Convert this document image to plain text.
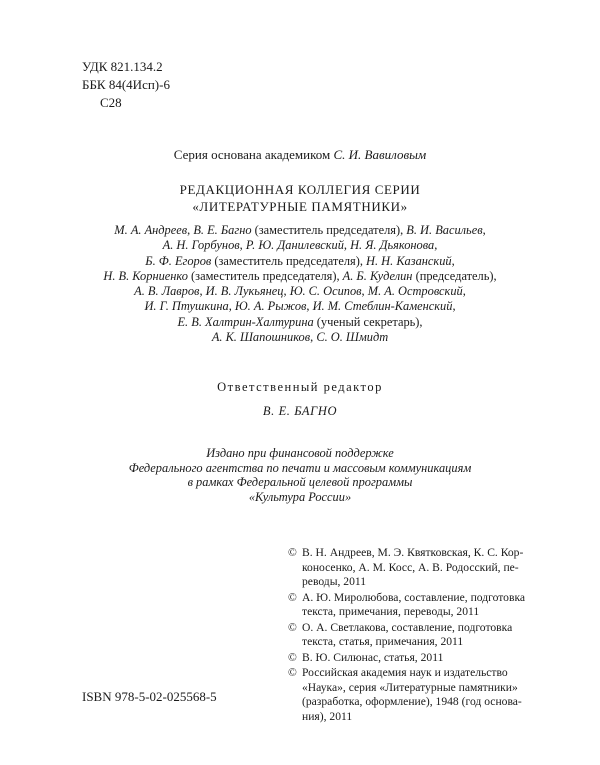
УДК 821.134.2
ББК 84(4Исп)-6
С28
Серия основана академиком С. И. Вавиловым
РЕДАКЦИОННАЯ КОЛЛЕГИЯ СЕРИИ
«ЛИТЕРАТУРНЫЕ ПАМЯТНИКИ»
М. А. Андреев, В. Е. Багно (заместитель председателя), В. И. Васильев,
А. Н. Горбунов, Р. Ю. Данилевский, Н. Я. Дьяконова,
Б. Ф. Егоров (заместитель председателя), Н. Н. Казанский,
Н. В. Корниенко (заместитель председателя), А. Б. Куделин (председатель),
А. В. Лавров, И. В. Лукьянец, Ю. С. Осипов, М. А. Островский,
И. Г. Птушкина, Ю. А. Рыжов, И. М. Стеблин-Каменский,
Е. В. Халтрин-Халтурина (ученый секретарь),
А. К. Шапошников, С. О. Шмидт
Ответственный редактор
В. Е. БАГНО
Издано при финансовой поддержке
Федерального агентства по печати и массовым коммуникациям
в рамках Федеральной целевой программы
«Культура России»
© В. Н. Андреев, М. Э. Квятковская, К. С. Кор-
коносенко, А. М. Косс, А. В. Родосский, пе-
реводы, 2011
© А. Ю. Миролюбова, составление, подготовка
текста, примечания, переводы, 2011
© О. А. Светлакова, составление, подготовка
текста, статья, примечания, 2011
© В. Ю. Силюнас, статья, 2011
© Российская академия наук и издательство
«Наука», серия «Литературные памятники»
(разработка, оформление), 1948 (год основа-
ния), 2011
ISBN 978-5-02-025568-5
